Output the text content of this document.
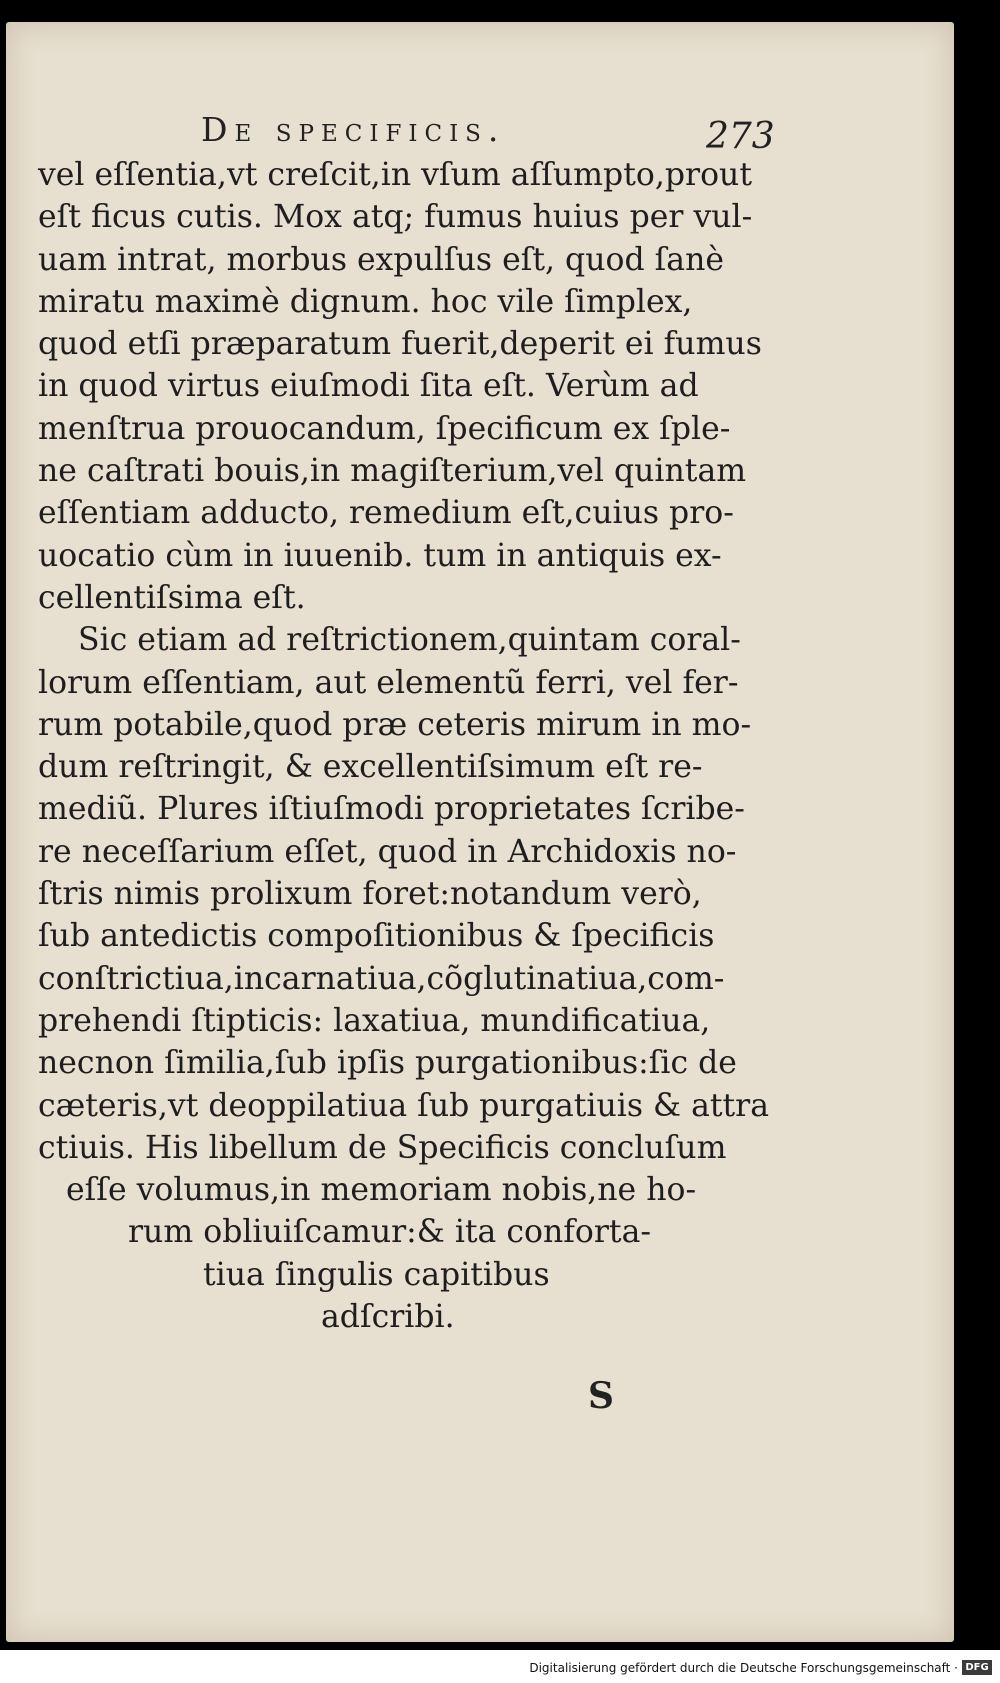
De specificis.	273
vel eſſentia,vt creſcit,in vſum aſſumpto,prout
eſt ficus cutis. Mox atq; fumus huius per vul-
uam intrat, morbus expulſus eſt, quod ſanè
miratu maximè dignum. hoc vile ſimplex,
quod etſi præparatum fuerit,deperit ei fumus
in quod virtus eiuſmodi ſita eſt. Verùm ad
menſtrua prouocandum, ſpecificum ex ſple-
ne caſtrati bouis,in magiſterium,vel quintam
eſſentiam adducto, remedium eſt,cuius pro-
uocatio cùm in iuuenib. tum in antiquis ex-
cellentiſsima eſt.
Sic etiam ad reſtrictionem,quintam coral-
lorum eſſentiam, aut elementũ ferri, vel fer-
rum potabile,quod præ ceteris mirum in mo-
dum reſtringit, & excellentiſsimum eſt re-
mediũ. Plures iſtiuſmodi proprietates ſcribe-
re neceſſarium eſſet, quod in Archidoxis no-
ſtris nimis prolixum foret:notandum verò,
ſub antedictis compoſitionibus & ſpecificis
conſtrictiua,incarnatiua,cõglutinatiua,com-
prehendi ſtipticis: laxatiua, mundificatiua,
necnon ſimilia,ſub ipſis purgationibus:ſic de
cæteris,vt deoppilatiua ſub purgatiuis & attra
ctiuis. His libellum de Specificis concluſum
eſſe volumus,in memoriam nobis,ne ho-
rum obliuiſcamur:& ita conforta-
tiua ſingulis capitibus
adſcribi.
S
Digitalisierung gefördert durch die Deutsche Forschungsgemeinschaft · DFG
